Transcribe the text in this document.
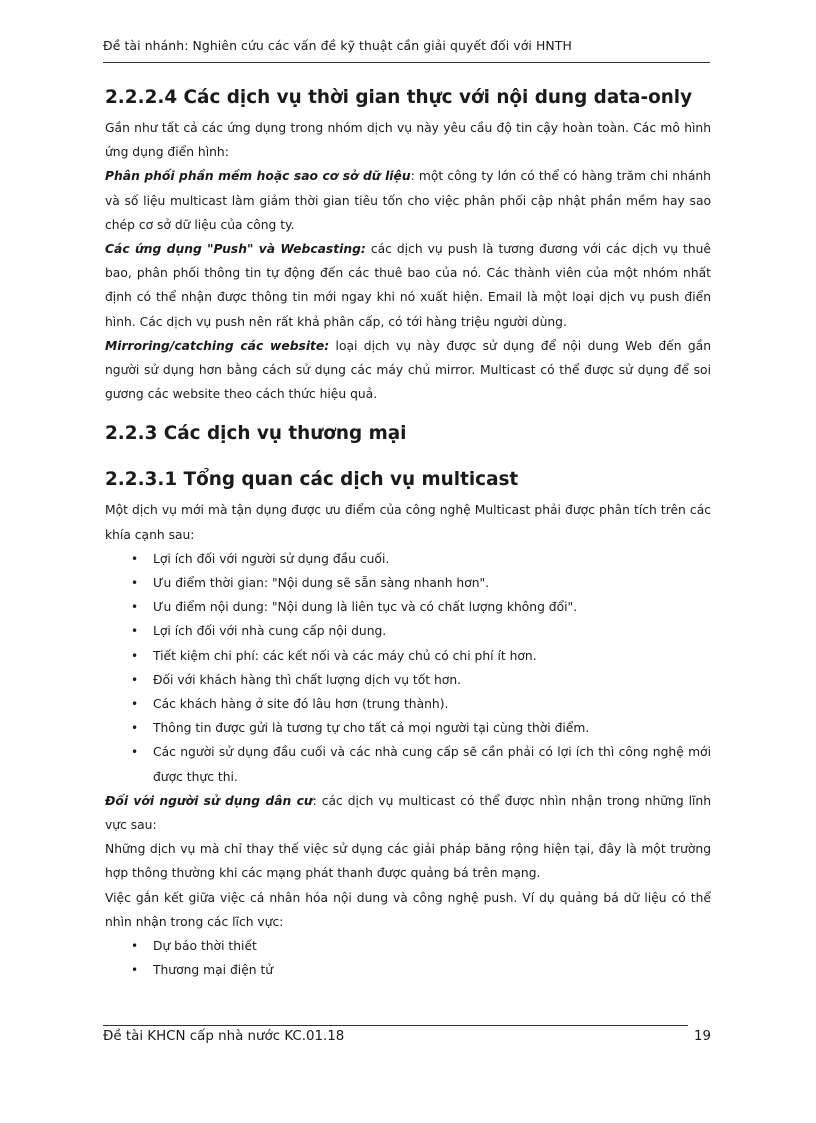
Đề tài nhánh: Nghiên cứu các vấn đề kỹ thuật cần giải quyết đối với HNTH
2.2.2.4 Các dịch vụ thời gian thực với nội dung data-only

Gần như tất cả các ứng dụng trong nhóm dịch vụ này yêu cầu độ tin cậy hoàn toàn. Các mô hình ứng dụng điển hình:

Phân phối phần mềm hoặc sao cơ sở dữ liệu: một công ty lớn có thể có hàng trăm chi nhánh và số liệu multicast làm giảm thời gian tiêu tốn cho việc phân phối cập nhật phần mềm hay sao chép cơ sở dữ liệu của công ty.

Các ứng dụng "Push" và Webcasting: các dịch vụ push là tương đương với các dịch vụ thuê bao, phân phối thông tin tự động đến các thuê bao của nó. Các thành viên của một nhóm nhất định có thể nhận được thông tin mới ngay khi nó xuất hiện. Email là một loại dịch vụ push điển hình. Các dịch vụ push nên rất khả phân cấp, có tới hàng triệu người dùng.

Mirroring/catching các website: loại dịch vụ này được sử dụng để nội dung Web đến gần người sử dụng hơn bằng cách sử dụng các máy chủ mirror. Multicast có thể được sử dụng để soi gương các website theo cách thức hiệu quả.

2.2.3 Các dịch vụ thương mại
2.2.3.1 Tổng quan các dịch vụ multicast

Một dịch vụ mới mà tận dụng được ưu điểm của công nghệ Multicast phải được phân tích trên các khía cạnh sau:

• Lợi ích đối với người sử dụng đầu cuối.
• Ưu điểm thời gian: "Nội dung sẽ sẵn sàng nhanh hơn".
• Ưu điểm nội dung: "Nội dung là liên tục và có chất lượng không đổi".
• Lợi ích đối với nhà cung cấp nội dung.
• Tiết kiệm chi phí: các kết nối và các máy chủ có chi phí ít hơn.
• Đối với khách hàng thì chất lượng dịch vụ tốt hơn.
• Các khách hàng ở site đó lâu hơn (trung thành).
• Thông tin được gửi là tương tự cho tất cả mọi người tại cùng thời điểm.
• Các người sử dụng đầu cuối và các nhà cung cấp sẽ cần phải có lợi ích thì công nghệ mới được thực thi.

Đối với người sử dụng dân cư: các dịch vụ multicast có thể được nhìn nhận trong những lĩnh vực sau:

Những dịch vụ mà chỉ thay thế việc sử dụng các giải pháp băng rộng hiện tại, đây là một trường hợp thông thường khi các mạng phát thanh được quảng bá trên mạng.

Việc gắn kết giữa việc cá nhân hóa nội dung và công nghệ push. Ví dụ quảng bá dữ liệu có thể nhìn nhận trong các lĩch vực:

• Dự báo thời thiết
• Thương mại điện tử
Đề tài KHCN cấp nhà nước KC.01.18	19
